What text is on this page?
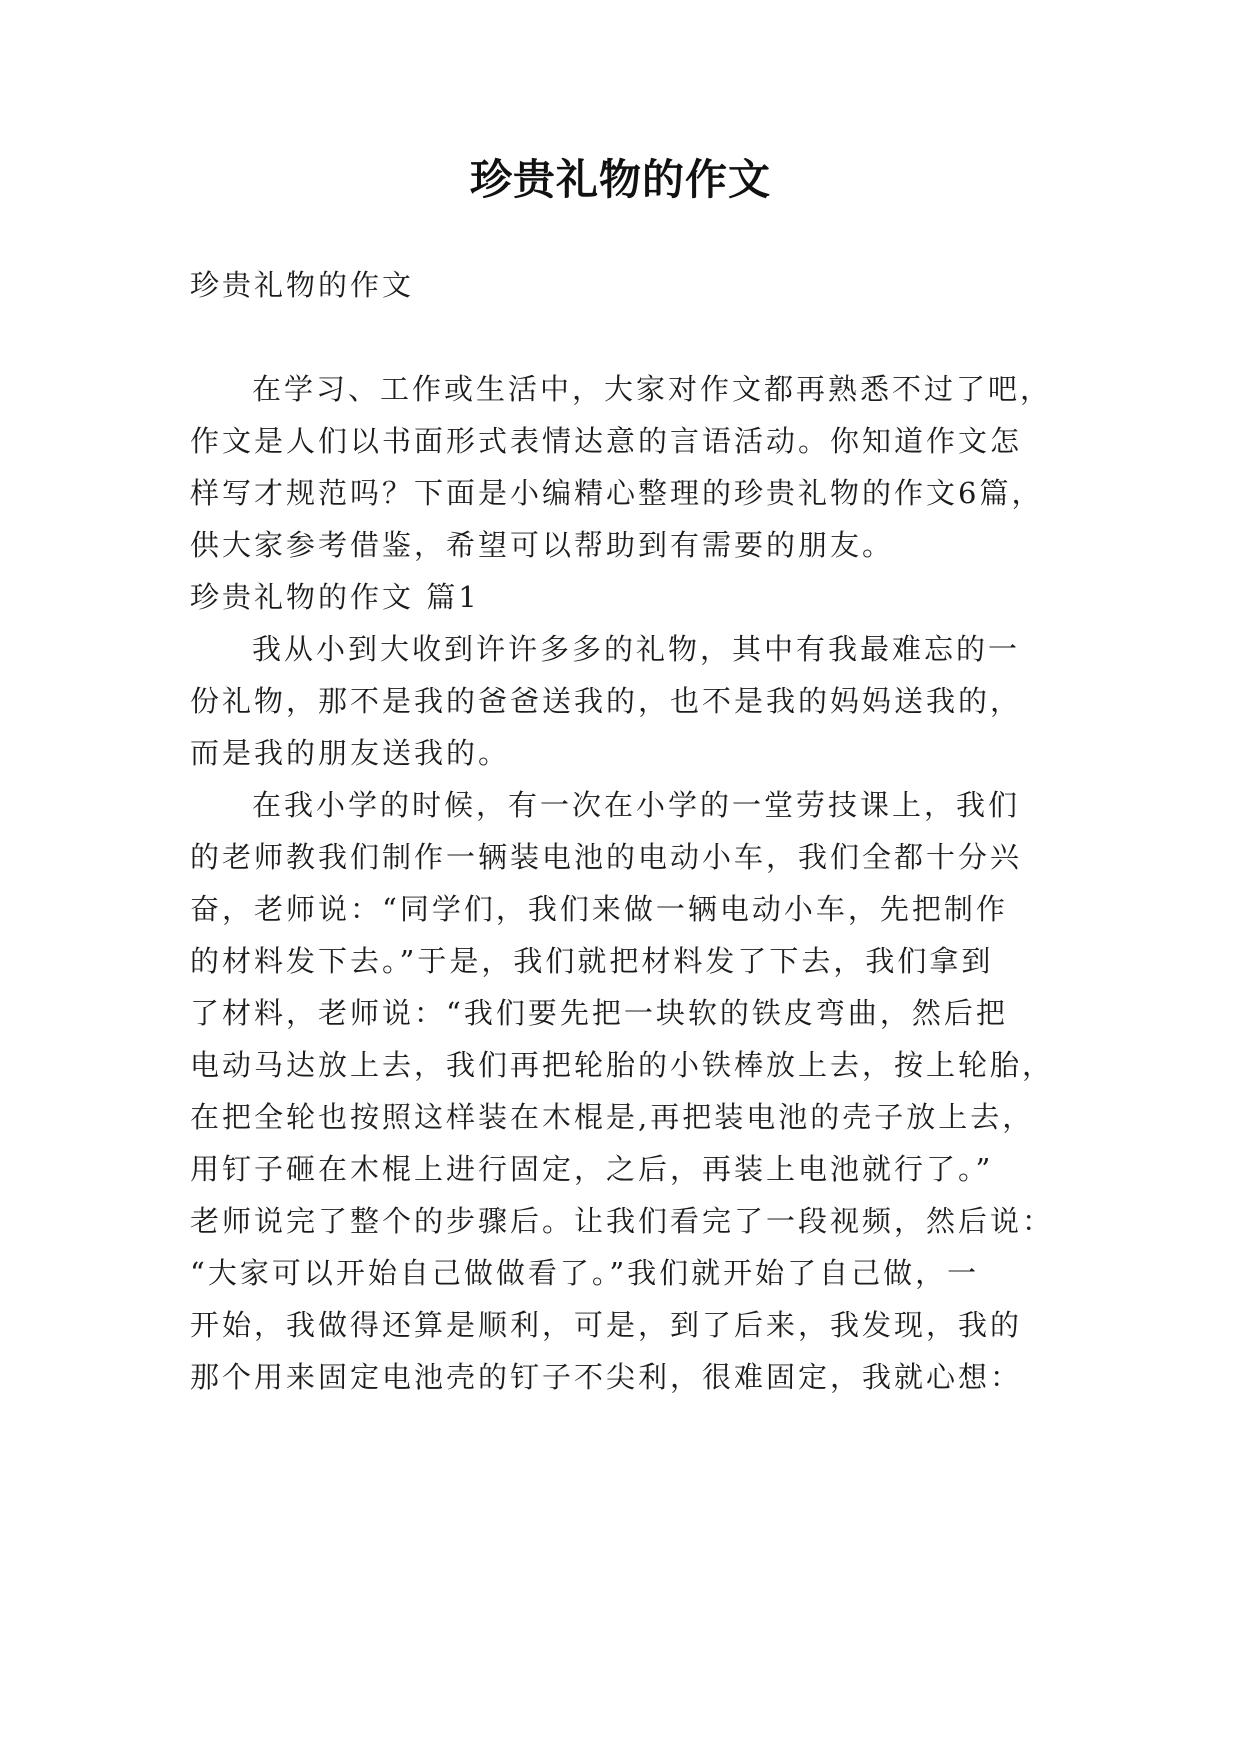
珍贵礼物的作文
珍贵礼物的作文
在学习、工作或生活中，大家对作文都再熟悉不过了吧，
作文是人们以书面形式表情达意的言语活动。你知道作文怎
样写才规范吗？下面是小编精心整理的珍贵礼物的作文6篇，
供大家参考借鉴，希望可以帮助到有需要的朋友。
珍贵礼物的作文 篇1
我从小到大收到许许多多的礼物，其中有我最难忘的一
份礼物，那不是我的爸爸送我的，也不是我的妈妈送我的，
而是我的朋友送我的。
在我小学的时候，有一次在小学的一堂劳技课上，我们
的老师教我们制作一辆装电池的电动小车，我们全都十分兴
奋，老师说：“同学们，我们来做一辆电动小车，先把制作
的材料发下去。”于是，我们就把材料发了下去，我们拿到
了材料，老师说：“我们要先把一块软的铁皮弯曲，然后把
电动马达放上去，我们再把轮胎的小铁棒放上去，按上轮胎，
在把全轮也按照这样装在木棍是,再把装电池的壳子放上去，
用钉子砸在木棍上进行固定，之后，再装上电池就行了。”
老师说完了整个的步骤后。让我们看完了一段视频，然后说：
“大家可以开始自己做做看了。”我们就开始了自己做，一
开始，我做得还算是顺利，可是，到了后来，我发现，我的
那个用来固定电池壳的钉子不尖利，很难固定，我就心想：
